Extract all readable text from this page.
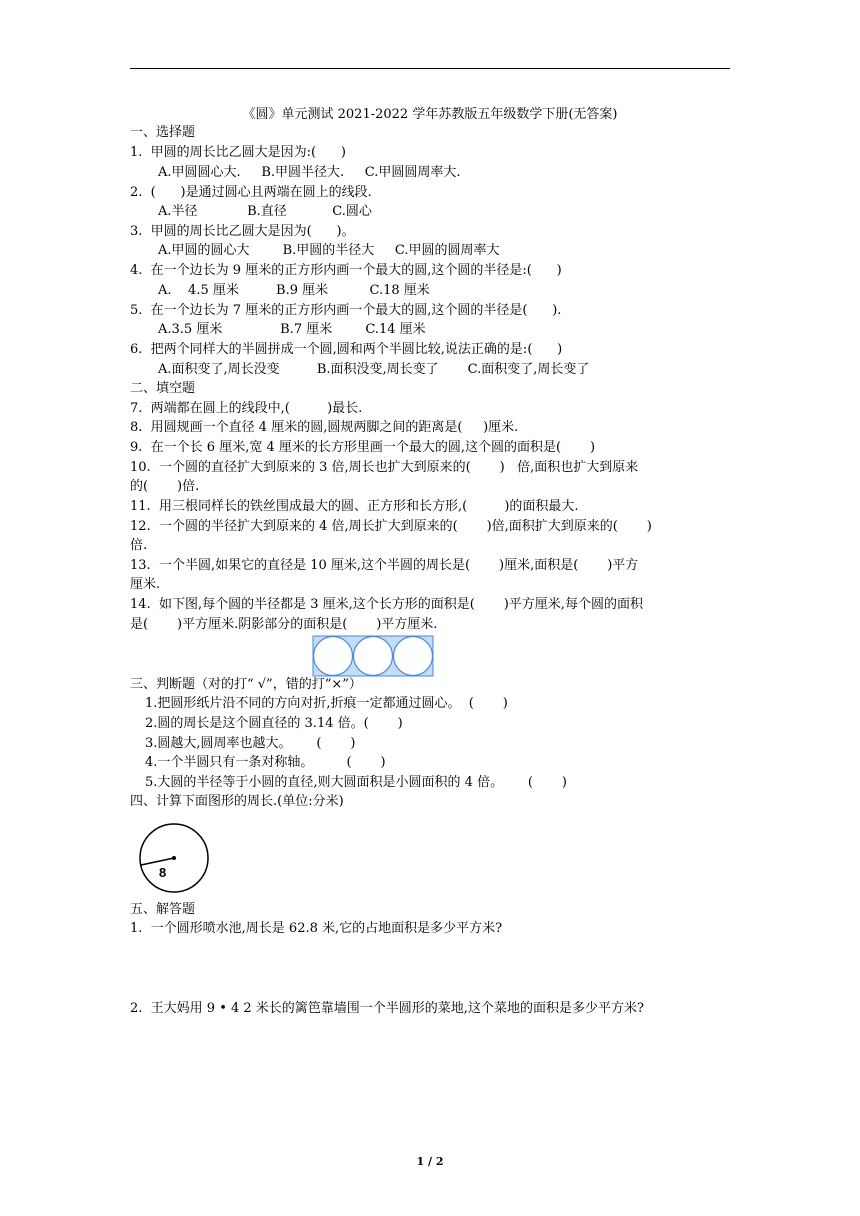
《圆》单元测试 2021-2022 学年苏教版五年级数学下册(无答案)
一、选择题
1.  甲圆的周长比乙圆大是因为:(      )
A.甲圆圆心大.     B.甲圆半径大.     C.甲圆圆周率大.
2.  (      )是通过圆心且两端在圆上的线段.
A.半径            B.直径           C.圆心
3.  甲圆的周长比乙圆大是因为(      )。
A.甲圆的圆心大        B.甲圆的半径大     C.甲圆的圆周率大
4.  在一个边长为 9 厘米的正方形内画一个最大的圆,这个圆的半径是:(      )
A.    4.5 厘米         B.9 厘米          C.18 厘米
5.  在一个边长为 7 厘米的正方形内画一个最大的圆,这个圆的半径是(      ).
A.3.5 厘米              B.7 厘米        C.14 厘米
6.  把两个同样大的半圆拼成一个圆,圆和两个半圆比较,说法正确的是:(      )
A.面积变了,周长没变         B.面积没变,周长变了       C.面积变了,周长变了
二、填空题
7.  两端都在圆上的线段中,(         )最长.
8.  用圆规画一个直径 4 厘米的圆,圆规两脚之间的距离是(     )厘米.
9.  在一个长 6 厘米,宽 4 厘米的长方形里画一个最大的圆,这个圆的面积是(       )
10.  一个圆的直径扩大到原来的 3 倍,周长也扩大到原来的(       )   倍,面积也扩大到原来
的(       )倍.
11.  用三根同样长的铁丝围成最大的圆、正方形和长方形,(         )的面积最大.
12.  一个圆的半径扩大到原来的 4 倍,周长扩大到原来的(       )倍,面积扩大到原来的(       )
倍.
13.  一个半圆,如果它的直径是 10 厘米,这个半圆的周长是(       )厘米,面积是(       )平方
厘米.
14.  如下图,每个圆的半径都是 3 厘米,这个长方形的面积是(       )平方厘米,每个圆的面积
是(       )平方厘米.阴影部分的面积是(       )平方厘米.
三、判断题（对的打“ √”，错的打“×”）
1.把圆形纸片沿不同的方向对折,折痕一定都通过圆心。  (       )
2.圆的周长是这个圆直径的 3.14 倍。(       )
3.圆越大,圆周率也越大。      (       )
4.一个半圆只有一条对称轴。        (       )
5.大圆的半径等于小圆的直径,则大圆面积是小圆面积的 4 倍。      (       )
四、计算下面图形的周长.(单位:分米)
8
五、解答题
1.  一个圆形喷水池,周长是 62.8 米,它的占地面积是多少平方米?
2.  王大妈用 9 • 4 2 米长的篱笆靠墙围一个半圆形的菜地,这个菜地的面积是多少平方米?
1 / 2
